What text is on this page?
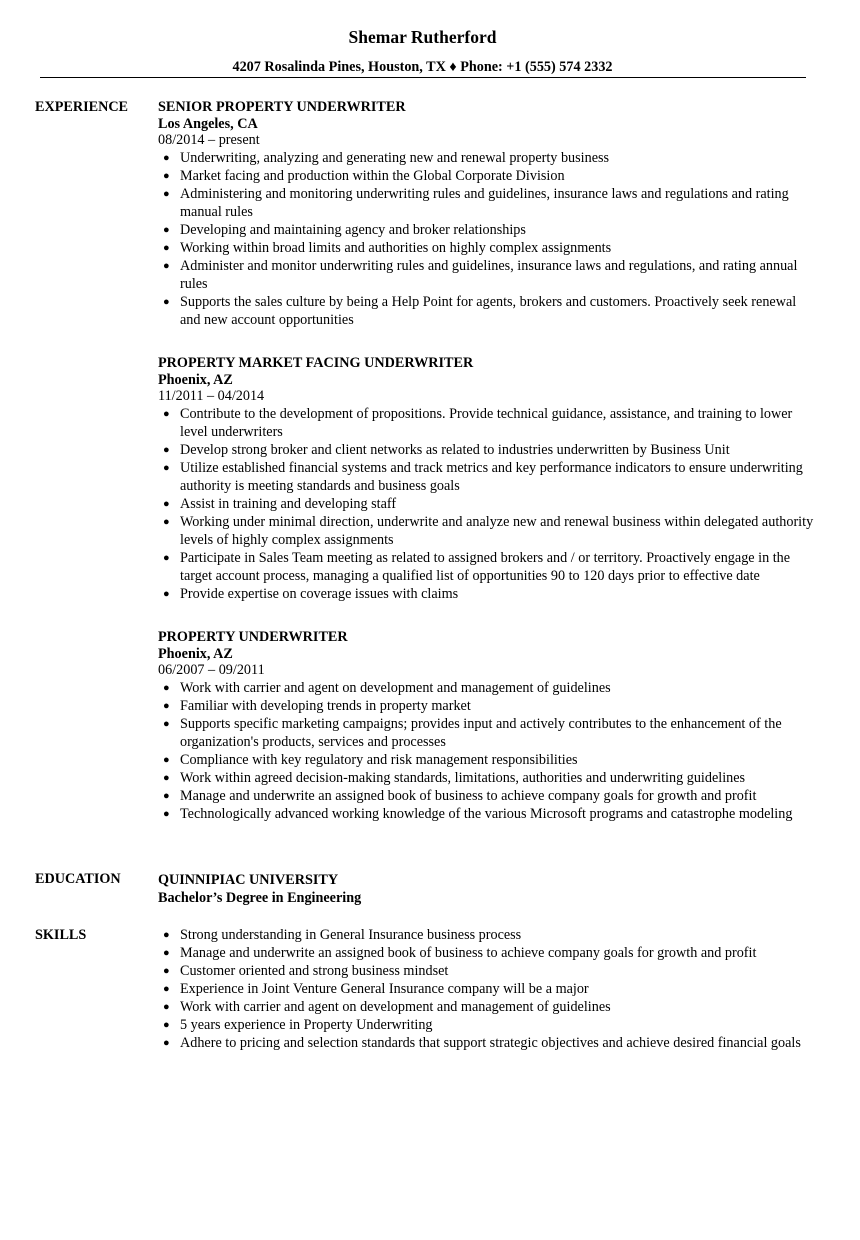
Shemar Rutherford
4207 Rosalinda Pines, Houston, TX ♦ Phone: +1 (555) 574 2332
EXPERIENCE SENIOR PROPERTY UNDERWRITER
Los Angeles, CA
08/2014 – present
● Underwriting, analyzing and generating new and renewal property business
● Market facing and production within the Global Corporate Division
● Administering and monitoring underwriting rules and guidelines, insurance laws and regulations and rating manual rules
● Developing and maintaining agency and broker relationships
● Working within broad limits and authorities on highly complex assignments
● Administer and monitor underwriting rules and guidelines, insurance laws and regulations, and rating annual rules
● Supports the sales culture by being a Help Point for agents, brokers and customers. Proactively seek renewal and new account opportunities
PROPERTY MARKET FACING UNDERWRITER
Phoenix, AZ
11/2011 – 04/2014
● Contribute to the development of propositions. Provide technical guidance, assistance, and training to lower level underwriters
● Develop strong broker and client networks as related to industries underwritten by Business Unit
● Utilize established financial systems and track metrics and key performance indicators to ensure underwriting authority is meeting standards and business goals
● Assist in training and developing staff
● Working under minimal direction, underwrite and analyze new and renewal business within delegated authority levels of highly complex assignments
● Participate in Sales Team meeting as related to assigned brokers and / or territory. Proactively engage in the target account process, managing a qualified list of opportunities 90 to 120 days prior to effective date
● Provide expertise on coverage issues with claims
PROPERTY UNDERWRITER
Phoenix, AZ
06/2007 – 09/2011
● Work with carrier and agent on development and management of guidelines
● Familiar with developing trends in property market
● Supports specific marketing campaigns; provides input and actively contributes to the enhancement of the organization's products, services and processes
● Compliance with key regulatory and risk management responsibilities
● Work within agreed decision-making standards, limitations, authorities and underwriting guidelines
● Manage and underwrite an assigned book of business to achieve company goals for growth and profit
● Technologically advanced working knowledge of the various Microsoft programs and catastrophe modeling
EDUCATION	QUINNIPIAC UNIVERSITY
Bachelor’s Degree in Engineering
SKILLS	● Strong understanding in General Insurance business process
● Manage and underwrite an assigned book of business to achieve company goals for growth and profit
● Customer oriented and strong business mindset
● Experience in Joint Venture General Insurance company will be a major
● Work with carrier and agent on development and management of guidelines
● 5 years experience in Property Underwriting
● Adhere to pricing and selection standards that support strategic objectives and achieve desired financial goals
